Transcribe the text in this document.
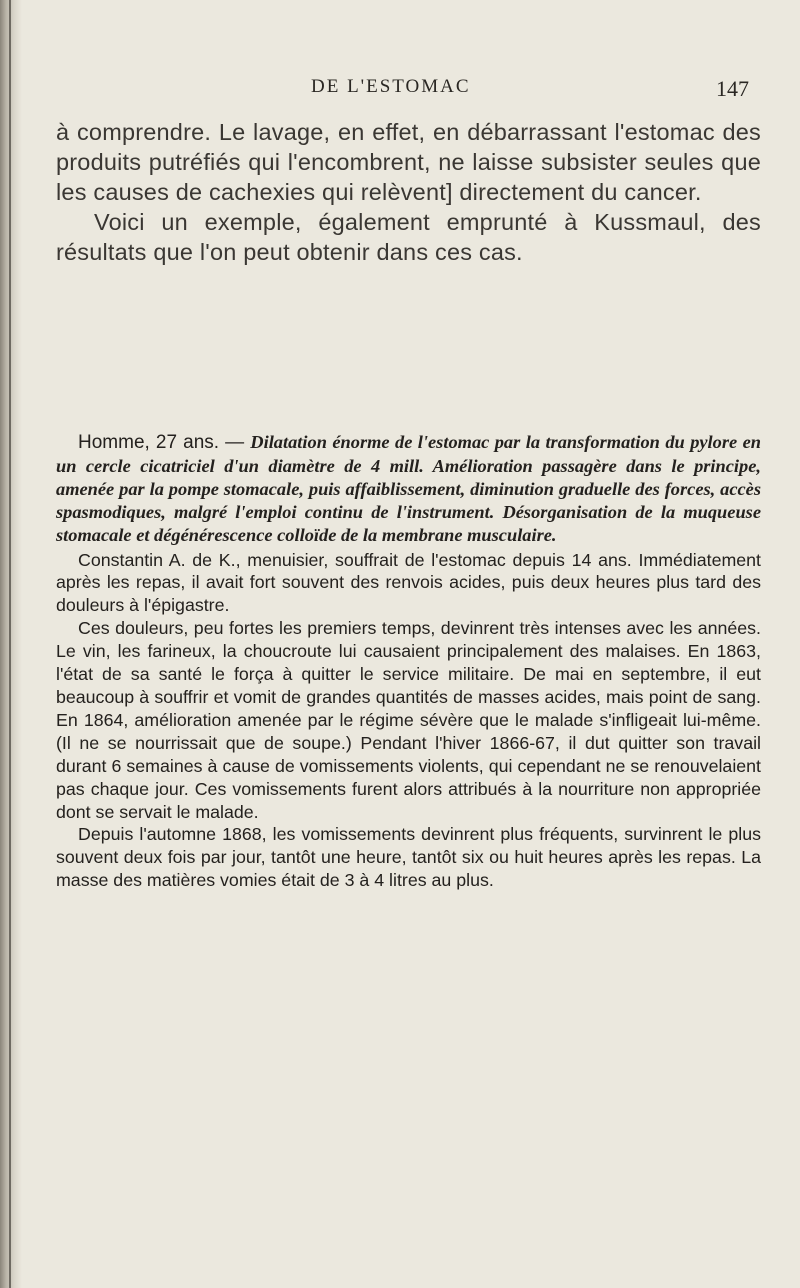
DE L'ESTOMAC	147

à comprendre. Le lavage, en effet, en débarrassant l'estomac des produits putréfiés qui l'encombrent, ne laisse subsister seules que les causes de cachexies qui relèvent] directement du cancer.

Voici un exemple, également emprunté à Kussmaul, des résultats que l'on peut obtenir dans ces cas.

Homme, 27 ans. — Dilatation énorme de l'estomac par la transformation du pylore en un cercle cicatriciel d'un diamètre de 4 mill. Amélioration passagère dans le principe, amenée par la pompe stomacale, puis affaiblissement, diminution graduelle des forces, accès spasmodiques, malgré l'emploi continu de l'instrument. Désorganisation de la muqueuse stomacale et dégénérescence colloïde de la membrane musculaire.

Constantin A. de K., menuisier, souffrait de l'estomac depuis 14 ans. Immédiatement après les repas, il avait fort souvent des renvois acides, puis deux heures plus tard des douleurs à l'épigastre.

Ces douleurs, peu fortes les premiers temps, devinrent très intenses avec les années. Le vin, les farineux, la choucroute lui causaient principalement des malaises. En 1863, l'état de sa santé le força à quitter le service militaire. De mai en septembre, il eut beaucoup à souffrir et vomit de grandes quantités de masses acides, mais point de sang. En 1864, amélioration amenée par le régime sévère que le malade s'infligeait lui-même. (Il ne se nourrissait que de soupe.) Pendant l'hiver 1866-67, il dut quitter son travail durant 6 semaines à cause de vomissements violents, qui cependant ne se renouvelaient pas chaque jour. Ces vomissements furent alors attribués à la nourriture non appropriée dont se servait le malade.

Depuis l'automne 1868, les vomissements devinrent plus fréquents, survinrent le plus souvent deux fois par jour, tantôt une heure, tantôt six ou huit heures après les repas. La masse des matières vomies était de 3 à 4 litres au plus.
